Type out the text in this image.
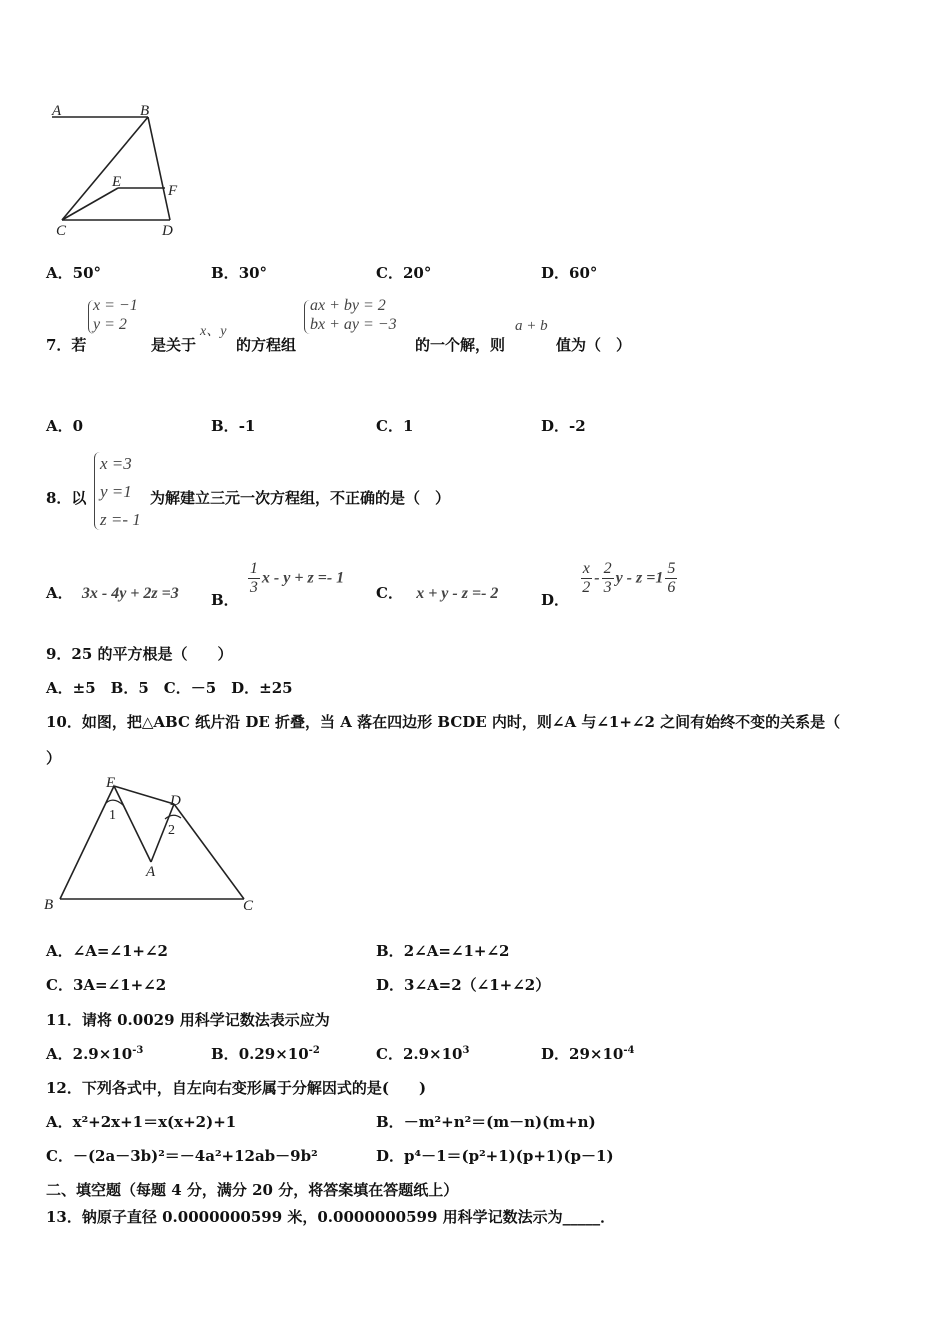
A	B
E
F
C	D
A．50°	B．30°	C．20°	D．60°
7．若
x = −1
y = 2
是关于
x、y
的方程组
ax + by = 2
bx + ay = −3
的一个解，则
a + b
值为（　）
A．0	B．-1	C．1	D．-2
8．以
x =3
y =1
z =- 1
为解建立三元一次方程组，不正确的是（　）
A． 3x - 4y + 2z =3 B．
$\frac{1}{3}$ x - y + z =- 1
C． x + y - z =- 2	D．
$\frac{x}{2} - \frac{2}{3}$ $y - z =1 \frac{5}{6}$
9．25 的平方根是（　　）
A．±5　B．5　C．－5　D．±25
10．如图，把△ABC 纸片沿 DE 折叠，当 A 落在四边形 BCDE 内时，则∠A 与∠1+∠2 之间有始终不变的关系是（
）
E
D
1
2
A
B	C
A．∠A=∠1+∠2	B．2∠A=∠1+∠2
C．3A=∠1+∠2	D．3∠A=2（∠1+∠2）
11．请将 0.0029 用科学记数法表示应为
A．$2.9\times 10^{-3}$	B．$0.29\times 10^{-2}$	C．$2.9\times 10^3$	D．$29\times 10^{-4}$
12．下列各式中，自左向右变形属于分解因式的是(　　)
A．x²+2x+1＝x(x+2)+1	B．－m²+n²＝(m－n)(m+n)
C．－(2a－3b)²＝－4a²+12ab－9b²	D．p⁴－1＝(p²+1)(p+1)(p－1)
二、填空题（每题 4 分，满分 20 分，将答案填在答题纸上）
13．钠原子直径 0.0000000599 米，0.0000000599 用科学记数法示为_____．
